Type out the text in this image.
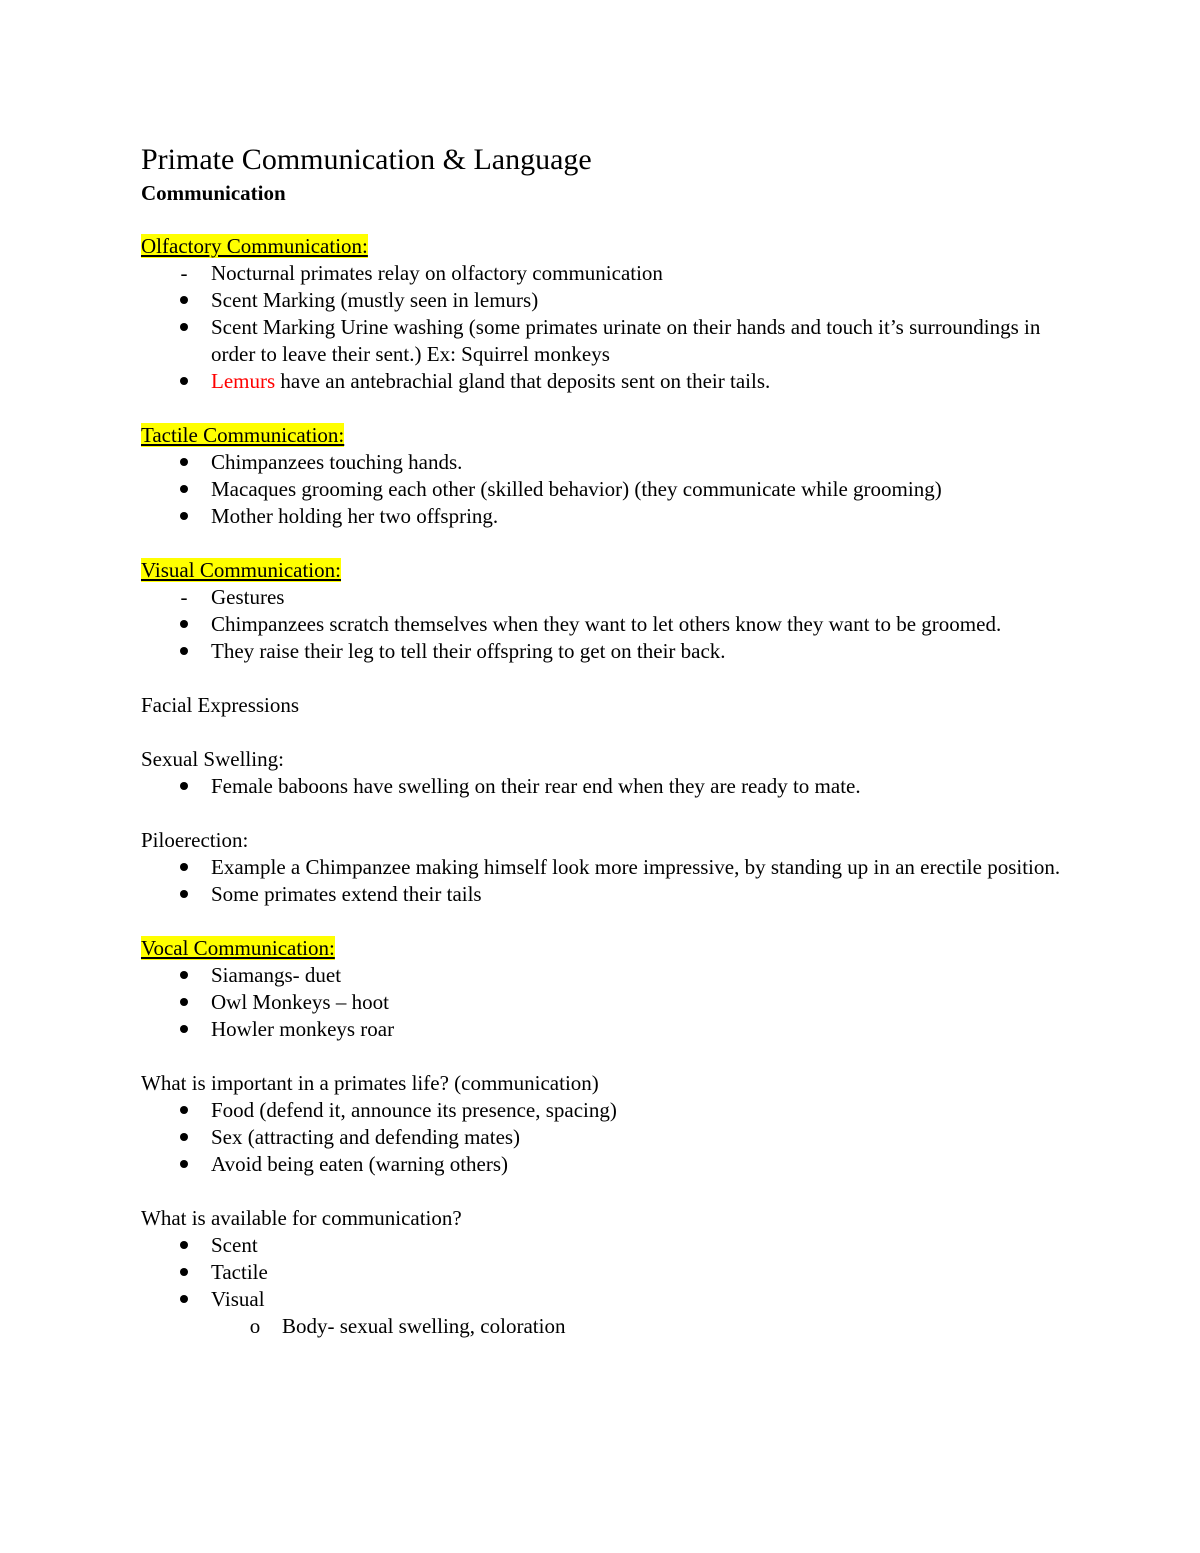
Primate Communication & Language
Communication

Olfactory Communication:

-	Nocturnal primates relay on olfactory communication
Scent Marking (mustly seen in lemurs)
Scent Marking Urine washing (some primates urinate on their hands and touch it’s surroundings in order to leave their sent.) Ex: Squirrel monkeys
Lemurs have an antebrachial gland that deposits sent on their tails.

Tactile Communication:

Chimpanzees touching hands.
Macaques grooming each other (skilled behavior) (they communicate while grooming)
Mother holding her two offspring.

Visual Communication:

-	Gestures
Chimpanzees scratch themselves when they want to let others know they want to be groomed.
They raise their leg to tell their offspring to get on their back.

Facial Expressions

Sexual Swelling:

Female baboons have swelling on their rear end when they are ready to mate.

Piloerection:

Example a Chimpanzee making himself look more impressive, by standing up in an erectile position.
Some primates extend their tails

Vocal Communication:

Siamangs- duet
Owl Monkeys – hoot
Howler monkeys roar

What is important in a primates life? (communication)

Food (defend it, announce its presence, spacing)
Sex (attracting and defending mates)
Avoid being eaten (warning others)

What is available for communication?

Scent
Tactile
Visual
o Body- sexual swelling, coloration
